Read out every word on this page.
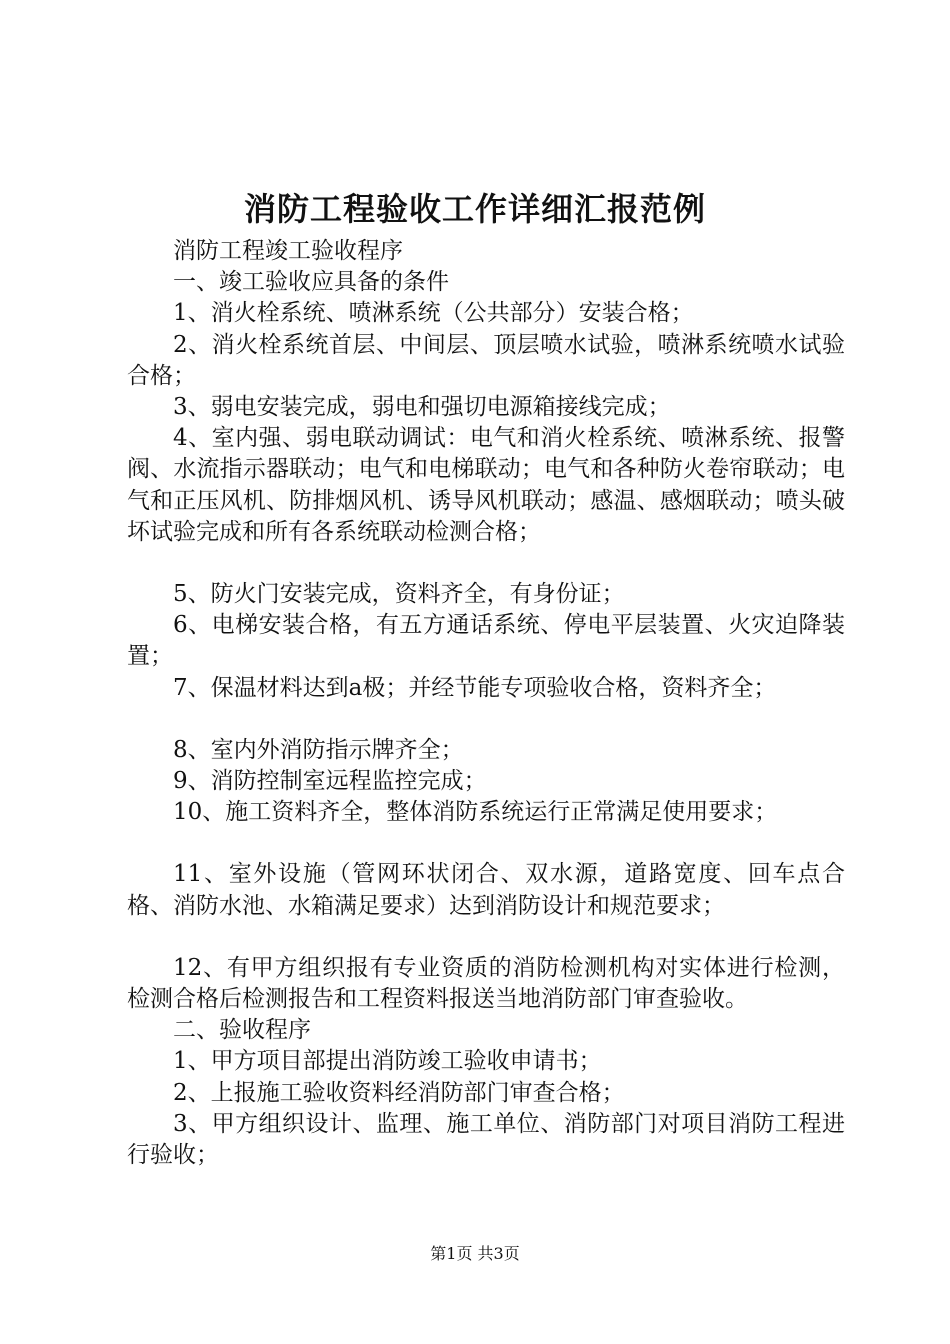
消防工程验收工作详细汇报范例

消防工程竣工验收程序

一、竣工验收应具备的条件

1、消火栓系统、喷淋系统（公共部分）安装合格；

2、消火栓系统首层、中间层、顶层喷水试验，喷淋系统喷水试验合格；

3、弱电安装完成，弱电和强切电源箱接线完成；

4、室内强、弱电联动调试：电气和消火栓系统、喷淋系统、报警阀、水流指示器联动；电气和电梯联动；电气和各种防火卷帘联动；电气和正压风机、防排烟风机、诱导风机联动；感温、感烟联动；喷头破坏试验完成和所有各系统联动检测合格；

5、防火门安装完成，资料齐全，有身份证；

6、电梯安装合格，有五方通话系统、停电平层装置、火灾迫降装置；

7、保温材料达到a极；并经节能专项验收合格，资料齐全；

8、室内外消防指示牌齐全；

9、消防控制室远程监控完成；

10、施工资料齐全，整体消防系统运行正常满足使用要求；

11、室外设施（管网环状闭合、双水源，道路宽度、回车点合格、消防水池、水箱满足要求）达到消防设计和规范要求；

12、有甲方组织报有专业资质的消防检测机构对实体进行检测，检测合格后检测报告和工程资料报送当地消防部门审查验收。

二、验收程序

1、甲方项目部提出消防竣工验收申请书；

2、上报施工验收资料经消防部门审查合格；

3、甲方组织设计、监理、施工单位、消防部门对项目消防工程进行验收；

第1页 共3页
